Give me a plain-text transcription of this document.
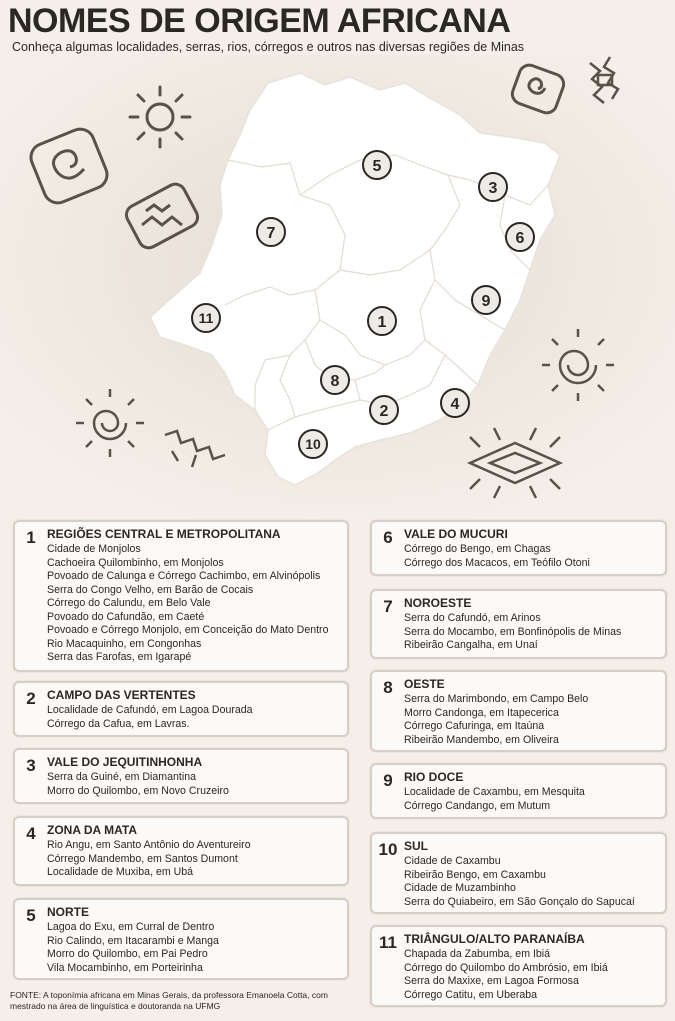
NOMES DE ORIGEM AFRICANA
Conheça algumas localidades, serras, rios, córregos e outros nas diversas regiões de Minas
1
2
3
4
5
6
7
8
9
10
11
1 REGIÕES CENTRAL E METROPOLITANA
Cidade de Monjolos
Cachoeira Quilombinho, em Monjolos
Povoado de Calunga e Córrego Cachimbo, em Alvinópolis
Serra do Congo Velho, em Barão de Cocais
Córrego do Calundu, em Belo Vale
Povoado do Cafundão, em Caeté
Povoado e Córrego Monjolo, em Conceição do Mato Dentro
Rio Macaquinho, em Congonhas
Serra das Farofas, em Igarapé
2 CAMPO DAS VERTENTES
Localidade de Cafundó, em Lagoa Dourada
Córrego da Cafua, em Lavras.
3 VALE DO JEQUITINHONHA
Serra da Guiné, em Diamantina
Morro do Quilombo, em Novo Cruzeiro
4 ZONA DA MATA
Rio Angu, em Santo Antônio do Aventureiro
Córrego Mandembo, em Santos Dumont
Localidade de Muxiba, em Ubá
5 NORTE
Lagoa do Exu, em Curral de Dentro
Rio Calindo, em Itacarambi e Manga
Morro do Quilombo, em Pai Pedro
Vila Mocambinho, em Porteirinha
6 VALE DO MUCURI
Córrego do Bengo, em Chagas
Córrego dos Macacos, em Teófilo Otoni
7 NOROESTE
Serra do Cafundó, em Arinos
Serra do Mocambo, em Bonfinópolis de Minas
Ribeirão Cangalha, em Unaí
8 OESTE
Serra do Marimbondo, em Campo Belo
Morro Candonga, em Itapecerica
Córrego Cafuringa, em Itaúna
Ribeirão Mandembo, em Oliveira
9 RIO DOCE
Localidade de Caxambu, em Mesquita
Córrego Candango, em Mutum
10 SUL
Cidade de Caxambu
Ribeirão Bengo, em Caxambu
Cidade de Muzambinho
Serra do Quiabeiro, em São Gonçalo do Sapucaí
11 TRIÂNGULO/ALTO PARANAÍBA
Chapada da Zabumba, em Ibiá
Córrego do Quilombo do Ambrósio, em Ibiá
Serra do Maxixe, em Lagoa Formosa
Córrego Catitu, em Uberaba
FONTE: A toponímia africana em Minas Gerais, da professora Emanoela Cotta, com mestrado na área de linguística e doutoranda na UFMG
